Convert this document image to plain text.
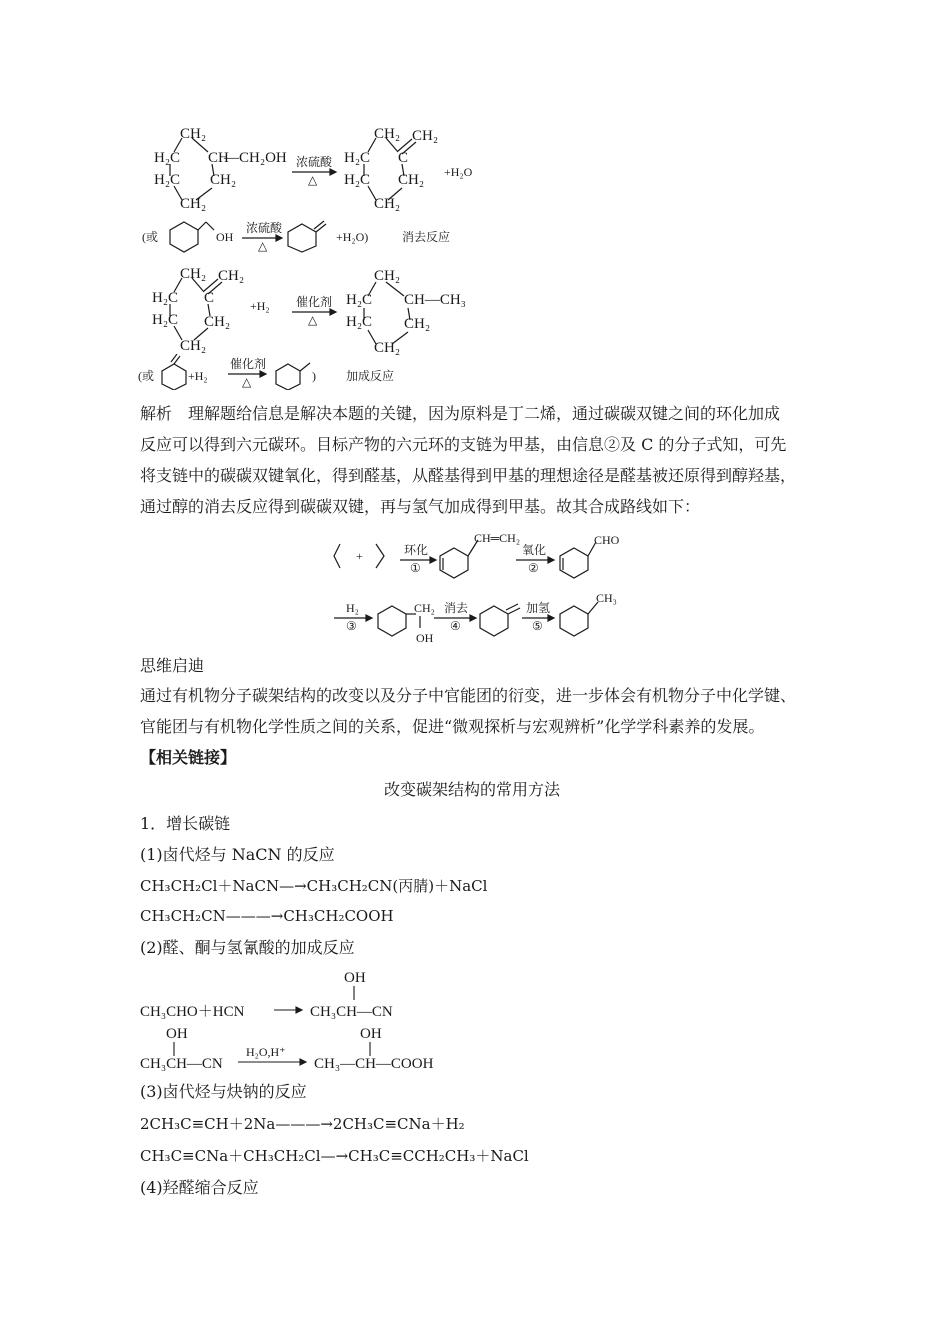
CH₂
H₂C CH
—CH₂OH
H₂C CH₂
CH₂
浓硫酸
△
CH₂ CH₂
H₂C C
H₂C CH₂
CH₂
+H₂O
(或	OH
浓硫酸
△
+H₂O)	消去反应
CH₂ CH₂
H₂C C
H₂C CH₂
CH₂
+H₂ 催化剂
△
CH₂
H₂C CH—CH₃
H₂C CH₂
CH₂
(或	+H₂
催化剂
△	)	加成反应
解析　理解题给信息是解决本题的关键，因为原料是丁二烯，通过碳碳双键之间的环化加成
反应可以得到六元碳环。目标产物的六元环的支链为甲基，由信息②及 C 的分子式知，可先
将支链中的碳碳双键氧化，得到醛基，从醛基得到甲基的理想途径是醛基被还原得到醇羟基，
通过醇的消去反应得到碳碳双键，再与氢气加成得到甲基。故其合成路线如下：
+	环化
①
CH═CH₂
氧化
②
CHO
H₂
③
CH₂
OH
消去
④
加氢
⑤
CH₃
思维启迪
通过有机物分子碳架结构的改变以及分子中官能团的衍变，进一步体会有机物分子中化学键、
官能团与有机物化学性质之间的关系，促进“微观探析与宏观辨析”化学学科素养的发展。
【相关链接】
改变碳架结构的常用方法
1．增长碳链
(1)卤代烃与 NaCN 的反应
CH₃CH₂Cl＋NaCN—→CH₃CH₂CN(丙腈)＋NaCl
CH₃CH₂CN———→CH₃CH₂COOH
(2)醛、酮与氢氰酸的加成反应
CH₃CHO＋HCN
OH
CH₃CH—CN
OH
CH₃CH—CN
H₂O,H⁺
OH
CH₃—CH—COOH
(3)卤代烃与炔钠的反应
2CH₃C≡CH＋2Na———→2CH₃C≡CNa＋H₂
CH₃C≡CNa＋CH₃CH₂Cl—→CH₃C≡CCH₂CH₃＋NaCl
(4)羟醛缩合反应
